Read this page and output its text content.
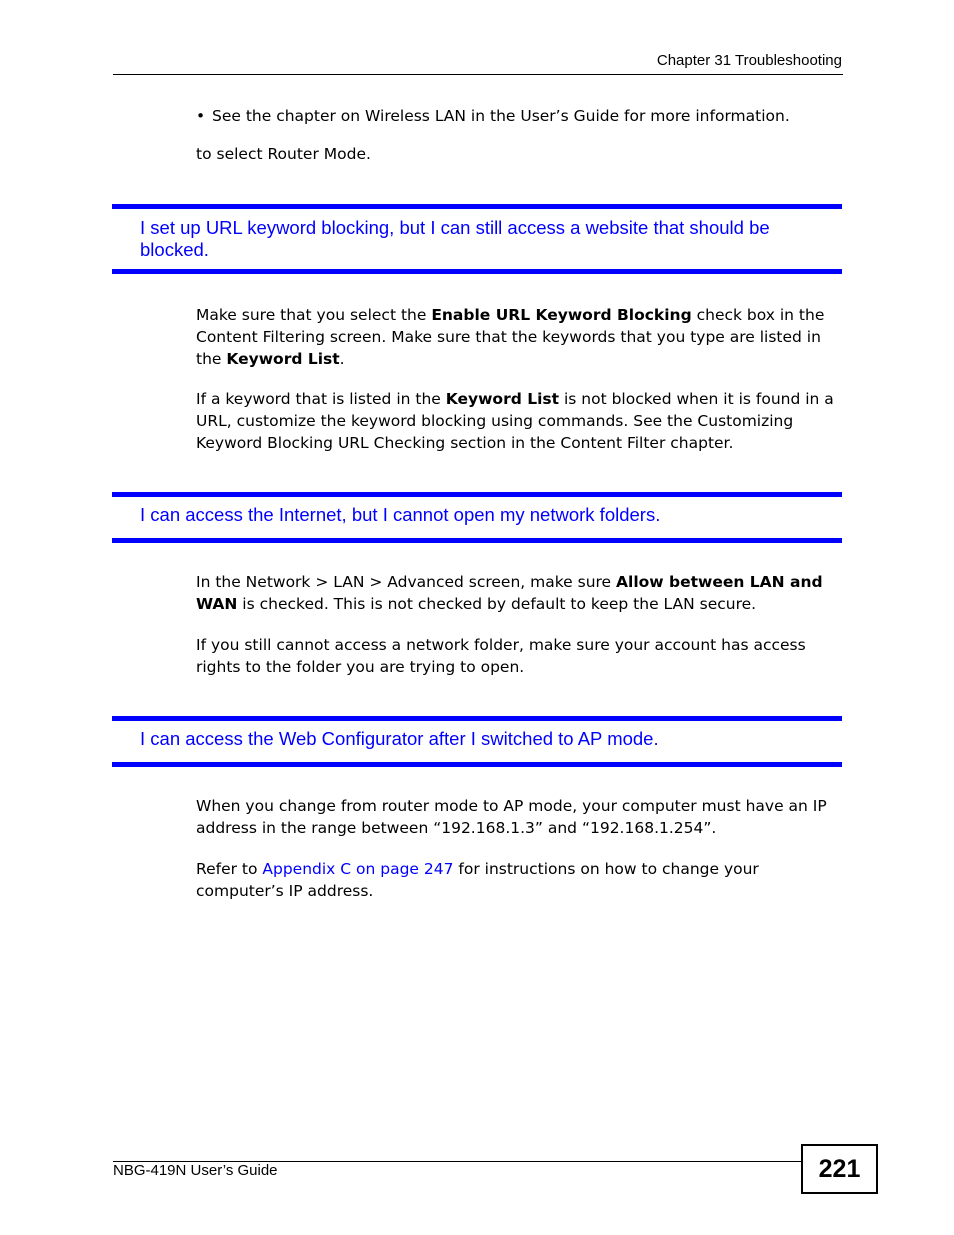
Chapter 31 Troubleshooting
• See the chapter on Wireless LAN in the User’s Guide for more information.

to select Router Mode.

I set up URL keyword blocking, but I can still access a website that should be blocked.

Make sure that you select the Enable URL Keyword Blocking check box in the Content Filtering screen. Make sure that the keywords that you type are listed in the Keyword List.

If a keyword that is listed in the Keyword List is not blocked when it is found in a URL, customize the keyword blocking using commands. See the Customizing Keyword Blocking URL Checking section in the Content Filter chapter.

I can access the Internet, but I cannot open my network folders.

In the Network > LAN > Advanced screen, make sure Allow between LAN and WAN is checked. This is not checked by default to keep the LAN secure.

If you still cannot access a network folder, make sure your account has access rights to the folder you are trying to open.

I can access the Web Configurator after I switched to AP mode.

When you change from router mode to AP mode, your computer must have an IP address in the range between “192.168.1.3” and “192.168.1.254”.

Refer to Appendix C on page 247 for instructions on how to change your computer’s IP address.

NBG-419N User’s Guide	221
